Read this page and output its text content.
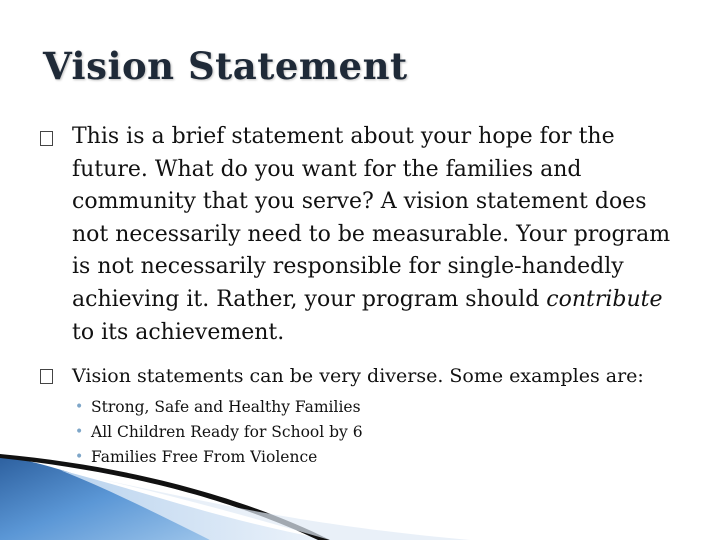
Vision Statement
This is a brief statement about your hope for the future. What do you want for the families and community that you serve? A vision statement does not necessarily need to be measurable. Your program is not necessarily responsible for single-handedly achieving it. Rather, your program should contribute to its achievement.
Vision statements can be very diverse. Some examples are:
• Strong, Safe and Healthy Families
• All Children Ready for School by 6
• Families Free From Violence
